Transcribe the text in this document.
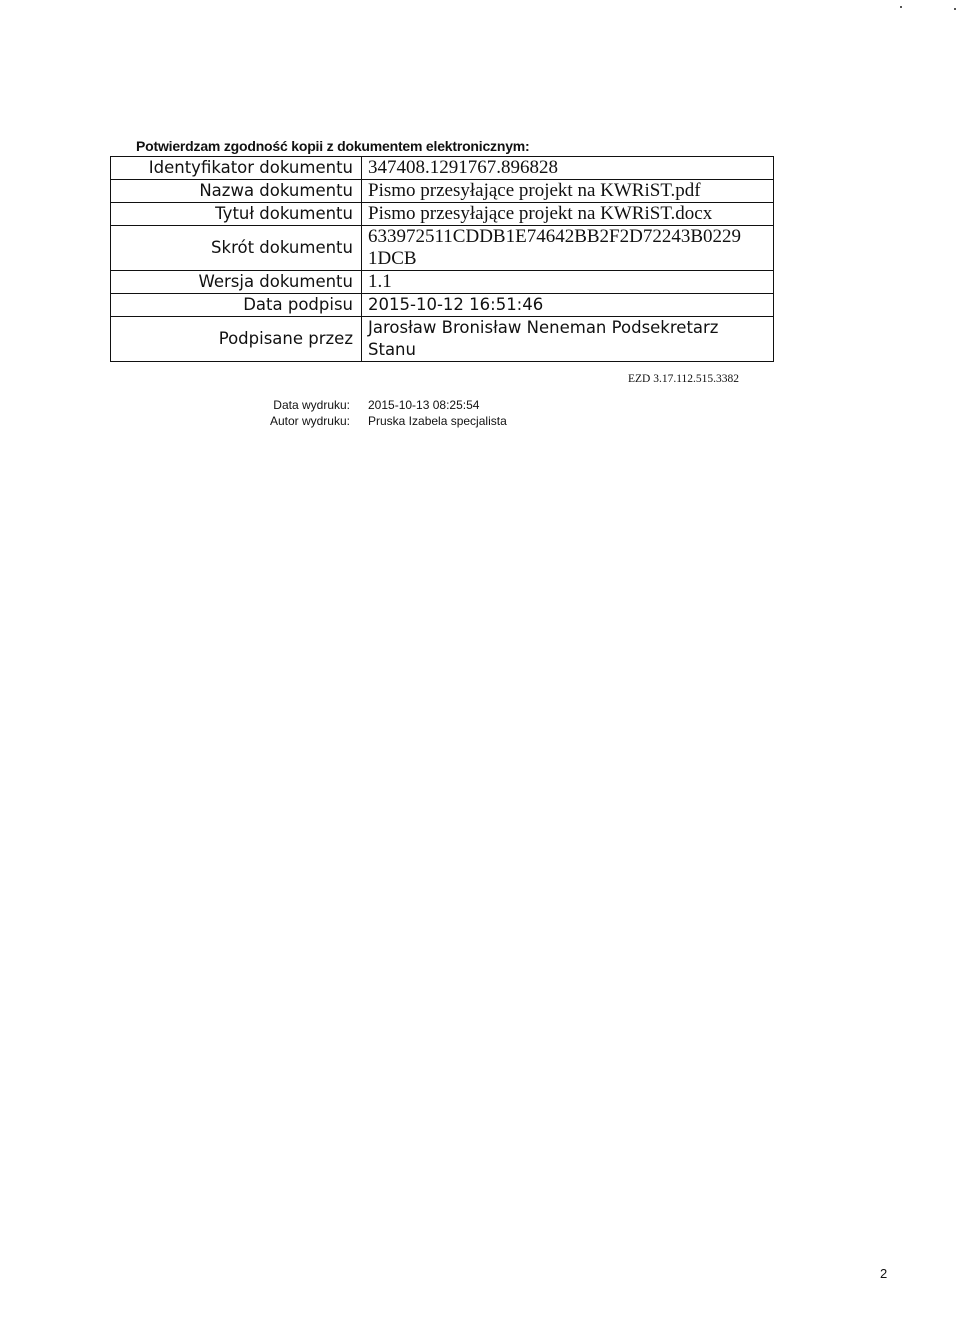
Potwierdzam zgodność kopii z dokumentem elektronicznym:
Identyfikator dokumentu	347408.1291767.896828
Nazwa dokumentu	Pismo przesyłające projekt na KWRiST.pdf
Tytuł dokumentu	Pismo przesyłające projekt na KWRiST.docx
Skrót dokumentu	633972511CDDB1E74642BB2F2D72243B02291DCB

Wersja dokumentu	1.1
Data podpisu	2015-10-12 16:51:46
Podpisane przez	Jarosław Bronisław Neneman Podsekretarz Stanu
EZD 3.17.112.515.3382
Data wydruku: 2015-10-13 08:25:54
Autor wydruku: Pruska Izabela specjalista
2
